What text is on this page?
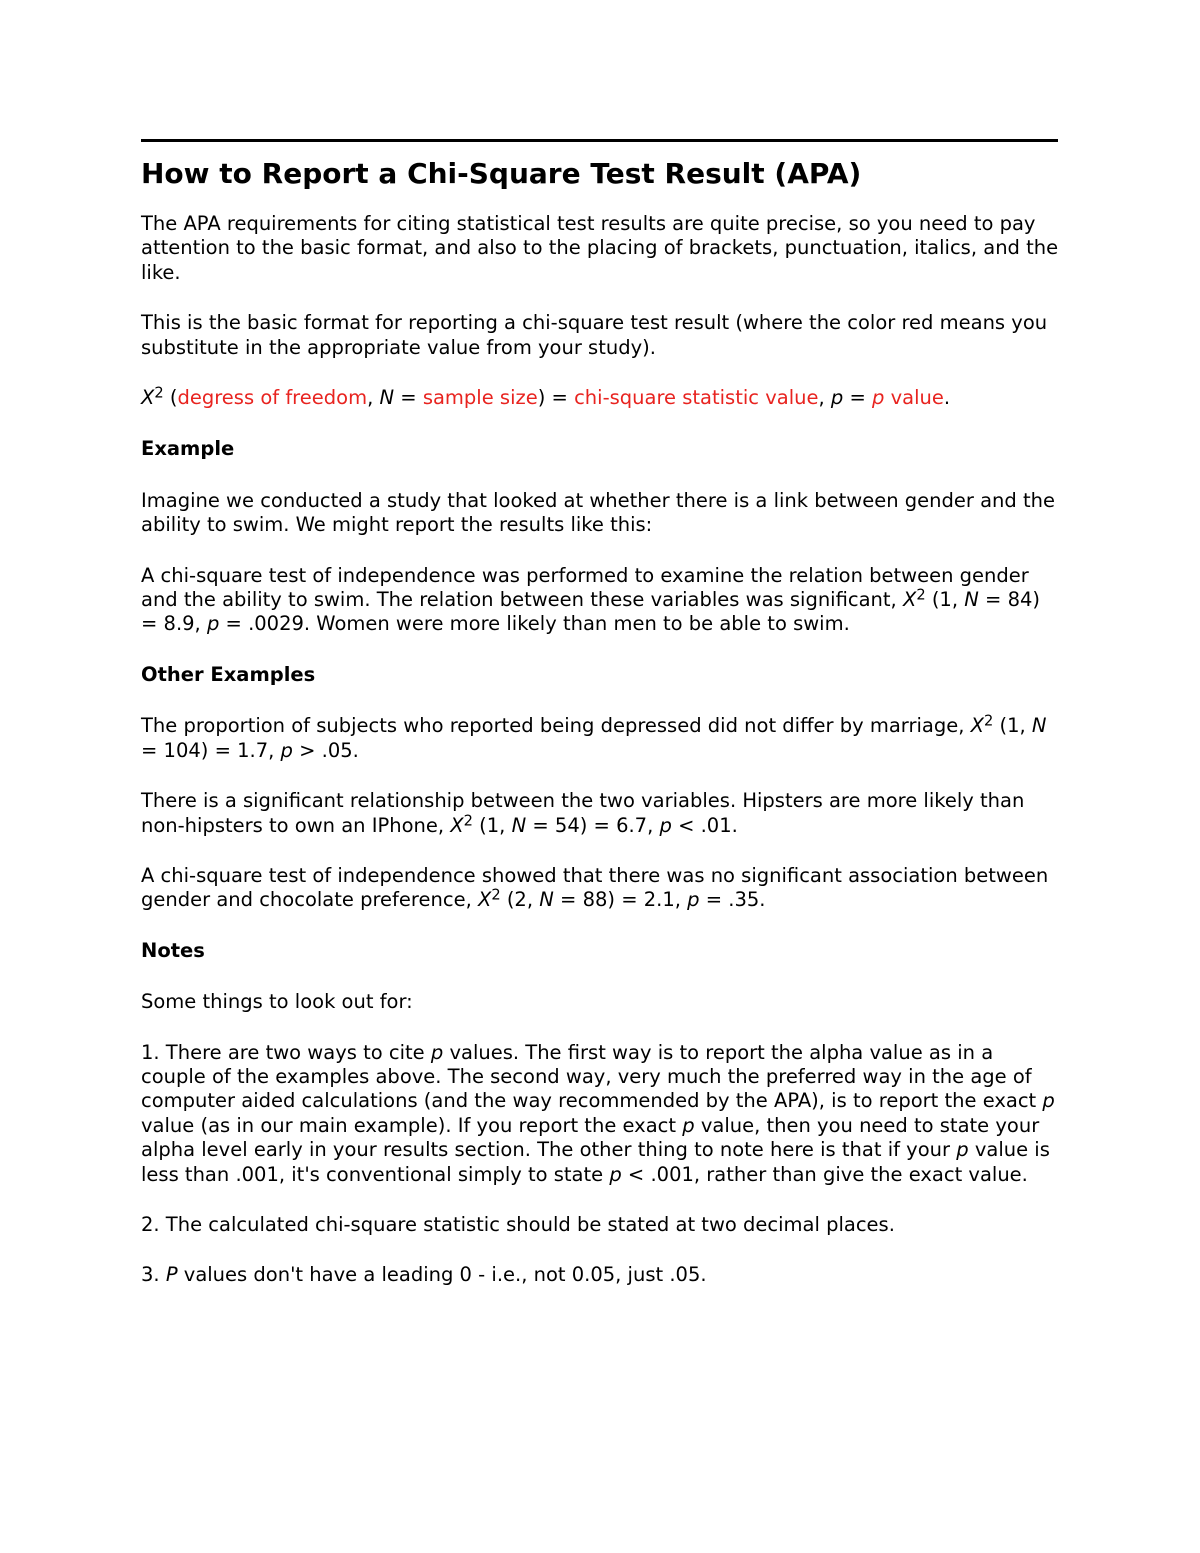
How to Report a Chi-Square Test Result (APA)

The APA requirements for citing statistical test results are quite precise, so you need to pay attention to the basic format, and also to the placing of brackets, punctuation, italics, and the like.

This is the basic format for reporting a chi-square test result (where the color red means you substitute in the appropriate value from your study).

$X^2$ (degress of freedom, N = sample size) = chi-square statistic value, p = p value.

Example

Imagine we conducted a study that looked at whether there is a link between gender and the ability to swim. We might report the results like this:

A chi-square test of independence was performed to examine the relation between gender and the ability to swim. The relation between these variables was significant, $X^2$ (1, N = 84) = 8.9, p = .0029. Women were more likely than men to be able to swim.

Other Examples

The proportion of subjects who reported being depressed did not differ by marriage, $X^2$ (1, N = 104) = 1.7, p > .05.

There is a significant relationship between the two variables. Hipsters are more likely than non-hipsters to own an IPhone, $X^2$ (1, N = 54) = 6.7, p < .01.

A chi-square test of independence showed that there was no significant association between gender and chocolate preference, $X^2$ (2, N = 88) = 2.1, p = .35.

Notes

Some things to look out for:

1. There are two ways to cite p values. The first way is to report the alpha value as in a couple of the examples above. The second way, very much the preferred way in the age of computer aided calculations (and the way recommended by the APA), is to report the exact p value (as in our main example). If you report the exact p value, then you need to state your alpha level early in your results section. The other thing to note here is that if your p value is less than .001, it's conventional simply to state p < .001, rather than give the exact value.

2. The calculated chi-square statistic should be stated at two decimal places.

3. P values don't have a leading 0 - i.e., not 0.05, just .05.
